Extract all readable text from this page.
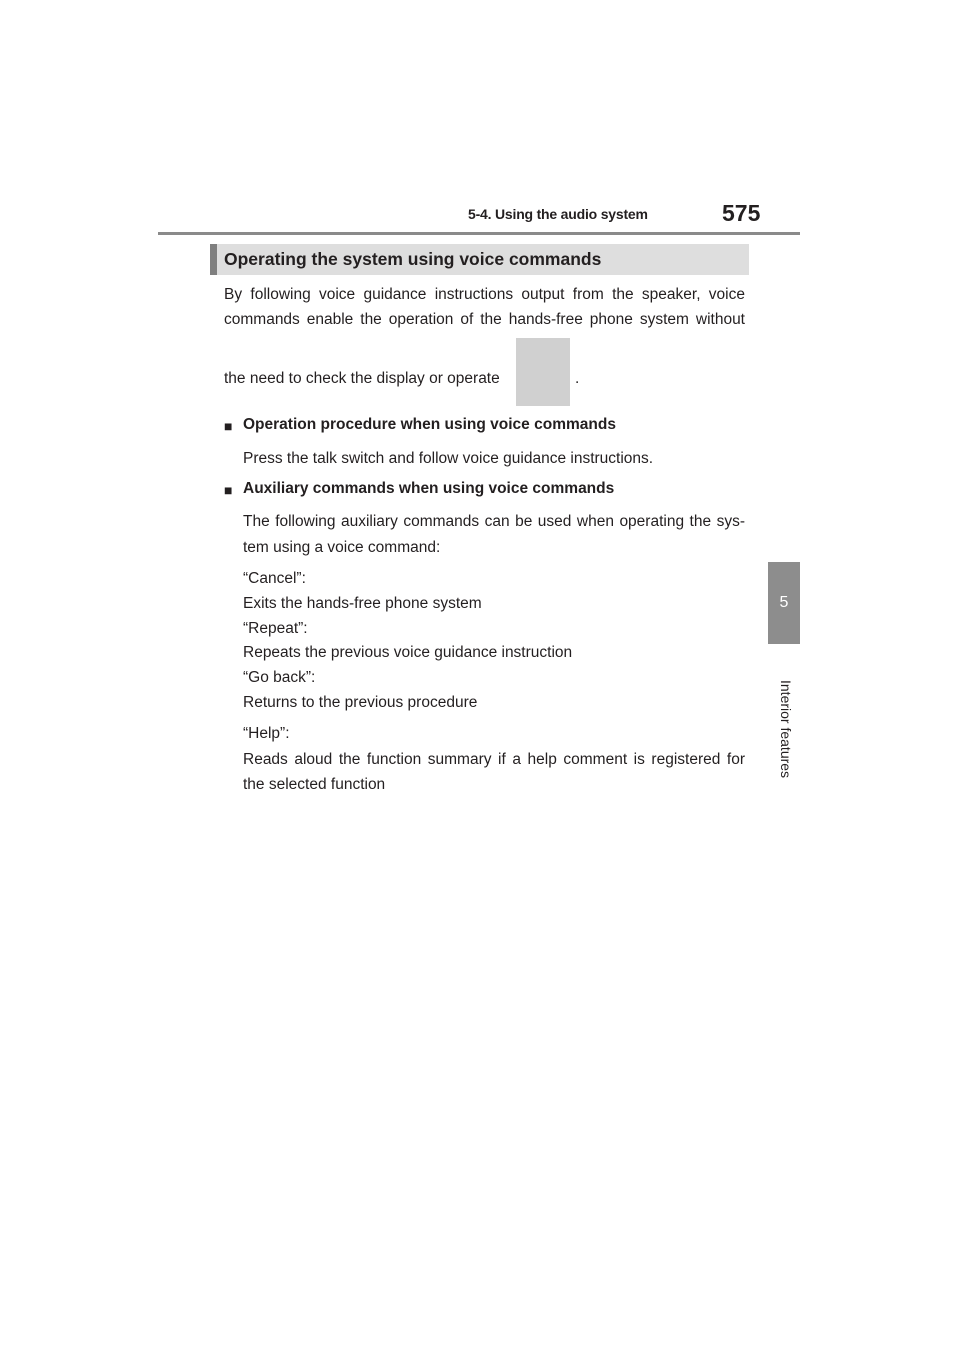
5-4. Using the audio system	575
5
Interior features
Operating the system using voice commands
By following voice guidance instructions output from the speaker, voice
commands enable the operation of the hands-free phone system without
the need to check the display or operate	.
■ Operation procedure when using voice commands
Press the talk switch and follow voice guidance instructions.
■ Auxiliary commands when using voice commands
The following auxiliary commands can be used when operating the sys-
tem using a voice command:
“Cancel”:
Exits the hands-free phone system
“Repeat”:
Repeats the previous voice guidance instruction
“Go back”:
Returns to the previous procedure
“Help”:
Reads aloud the function summary if a help comment is registered for
the selected function
